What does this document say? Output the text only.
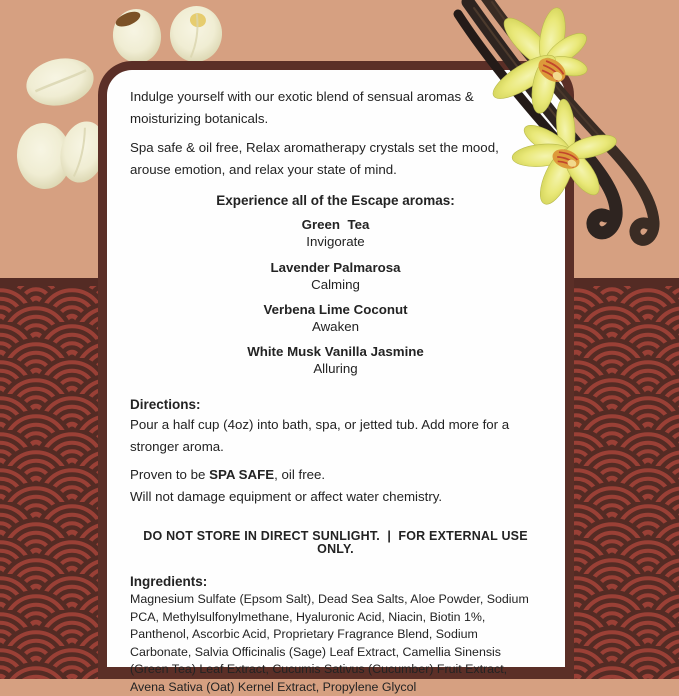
Indulge yourself with our exotic blend of sensual aromas & moisturizing botanicals.

Spa safe & oil free, Relax aromatherapy crystals set the mood, arouse emotion, and relax your state of mind.

Experience all of the Escape aromas:

Green  Tea
Invigorate
Lavender Palmarosa
Calming
Verbena Lime Coconut
Awaken
White Musk Vanilla Jasmine
Alluring

Directions:

Pour a half cup (4oz) into bath, spa, or jetted tub. Add more for a stronger aroma.

Proven to be SPA SAFE, oil free.

Will not damage equipment or affect water chemistry.

DO NOT STORE IN DIRECT SUNLIGHT.  |  FOR EXTERNAL USE ONLY.

Ingredients:

Magnesium Sulfate (Epsom Salt), Dead Sea Salts, Aloe Powder, Sodium PCA, Methylsulfonylmethane, Hyaluronic Acid, Niacin, Biotin 1%, Panthenol, Ascorbic Acid, Proprietary Fragrance Blend, Sodium Carbonate, Salvia Officinalis (Sage) Leaf Extract, Camellia Sinensis (Green Tea) Leaf Extract, Cucumis Sativus (Cucumber) Fruit Extract, Avena Sativa (Oat) Kernel Extract, Propylene Glycol
